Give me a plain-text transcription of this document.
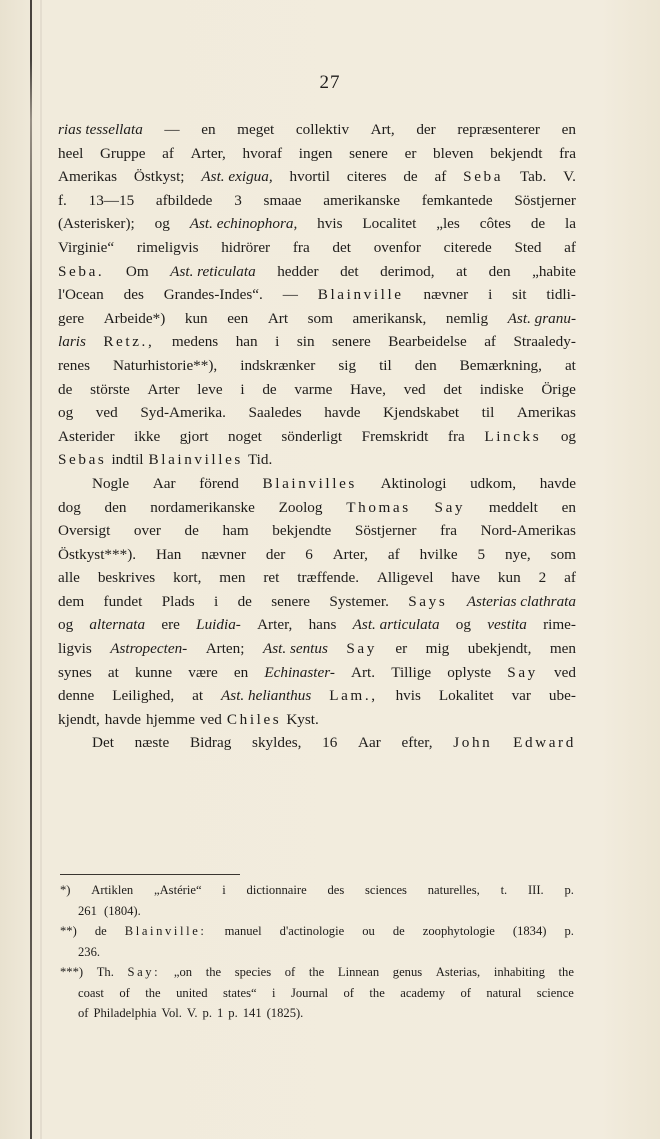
27
rias tessellata — en meget collektiv Art, der repræsenterer en
heel Gruppe af Arter, hvoraf ingen senere er bleven bekjendt fra
Amerikas Östkyst; Ast. exigua, hvortil citeres de af Seba Tab. V.
f. 13—15 afbildede 3 smaae amerikanske femkantede Söstjerner
(Asterisker); og Ast. echinophora, hvis Localitet „les côtes de la
Virginie“ rimeligvis hidrörer fra det ovenfor citerede Sted af
Seba. Om Ast. reticulata hedder det derimod, at den „habite
l'Ocean des Grandes-Indes“. — Blainville nævner i sit tidli-
gere Arbeide*) kun een Art som amerikansk, nemlig Ast. granu-
laris Retz., medens han i sin senere Bearbeidelse af Straaledy-
renes Naturhistorie**), indskrænker sig til den Bemærkning, at
de störste Arter leve i de varme Have, ved det indiske Örige
og ved Syd-Amerika. Saaledes havde Kjendskabet til Amerikas
Asterider ikke gjort noget sönderligt Fremskridt fra Lincks og
Sebas indtil Blainvilles Tid.
Nogle Aar förend Blainvilles Aktinologi udkom, havde
dog den nordamerikanske Zoolog Thomas Say meddelt en
Oversigt over de ham bekjendte Söstjerner fra Nord-Amerikas
Östkyst***). Han nævner der 6 Arter, af hvilke 5 nye, som
alle beskrives kort, men ret træffende. Alligevel have kun 2 af
dem fundet Plads i de senere Systemer. Says Asterias clathrata
og alternata ere Luidia- Arter, hans Ast. articulata og vestita rime-
ligvis Astropecten- Arten; Ast. sentus Say er mig ubekjendt, men
synes at kunne være en Echinaster- Art. Tillige oplyste Say ved
denne Leilighed, at Ast. helianthus Lam., hvis Lokalitet var ube-
kjendt, havde hjemme ved Chiles Kyst.
Det næste Bidrag skyldes, 16 Aar efter, John Edward
*) Artiklen „Astérie“ i dictionnaire des sciences naturelles, t. III. p.
261 (1804).
**) de Blainville: manuel d'actinologie ou de zoophytologie (1834) p.
236.
***) Th. Say: „on the species of the Linnean genus Asterias, inhabiting the
coast of the united states“ i Journal of the academy of natural science
of Philadelphia Vol. V. p. 1 p. 141 (1825).
